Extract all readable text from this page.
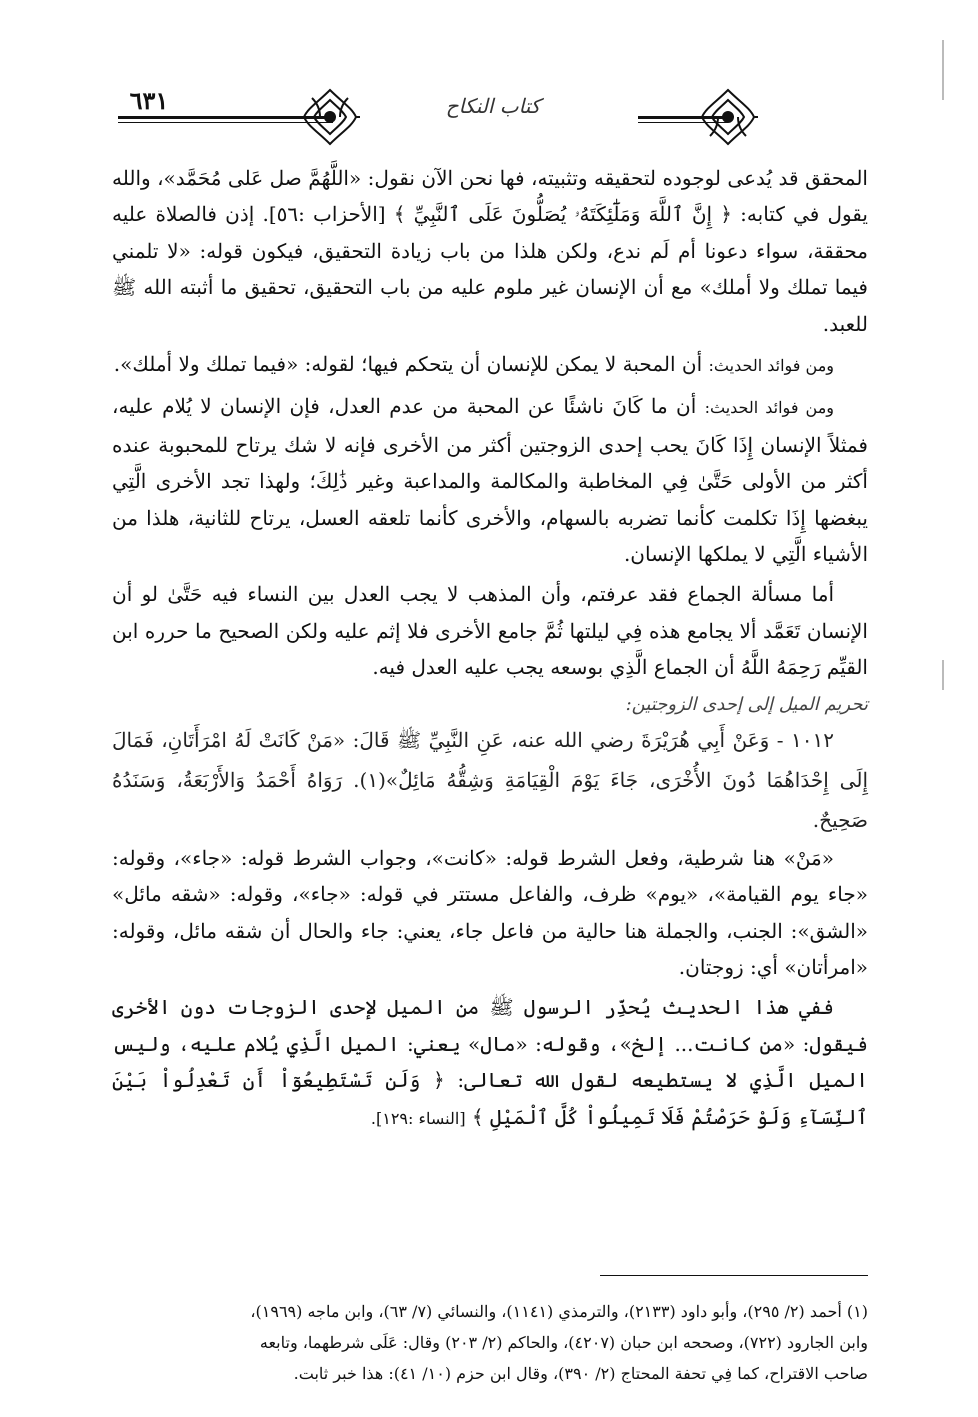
٦٣١	كتاب النكاح

المحقق قد يُدعى لوجوده لتحقيقه وتثبيته، فها نحن الآن نقول: «اللَّهُمَّ صل عَلى مُحَمَّد»، والله يقول في كتابه: ﴿ إِنَّ ٱللَّهَ وَمَلَٰٓئِكَتَهُۥ يُصَلُّونَ عَلَى ٱلنَّبِيِّ ﴾ [الأحزاب :٥٦]. إذن فالصلاة عليه محققة، سواء دعونا أم لَم ندع، ولكن هلذا من باب زيادة التحقيق، فيكون قوله: «لا تلمني فيما تملك ولا أملك» مع أن الإنسان غير ملوم عليه من باب التحقيق، تحقيق ما أثبته الله ﷺ للعبد.

ومن فوائد الحديث: أن المحبة لا يمكن للإنسان أن يتحكم فيها؛ لقوله: «فيما تملك ولا أملك».

ومن فوائد الحديث: أن ما كَانَ ناشئًا عن المحبة من عدم العدل، فإن الإنسان لا يُلام عليه، فمثلاً الإنسان إِذَا كَانَ يحب إحدى الزوجتين أكثر من الأخرى فإنه لا شك يرتاح للمحبوبة عنده أكثر من الأولى حَتَّىٰ فِي المخاطبة والمكالمة والمداعبة وغير ذَٰلِكَ؛ ولهذا تجد الأخرى الَّتِي يبغضها إِذَا تكلمت كأنما تضربه بالسهام، والأخرى كأنما تلعقه العسل، يرتاح للثانية، هلذا من الأشياء الَّتِي لا يملكها الإنسان.

أما مسألة الجماع فقد عرفتم، وأن المذهب لا يجب العدل بين النساء فيه حَتَّىٰ لو أن الإنسان تَعَمَّد ألا يجامع هذه فِي ليلتها ثُمَّ جامع الأخرى فلا إثم عليه ولكن الصحيح ما حرره ابن القيِّم رَحِمَهُ اللَّهُ أن الجماع الَّذِي بوسعه يجب عليه العدل فيه.

تحريم الميل إلى إحدى الزوجتين:

١٠١٢ - وَعَنْ أَبِي هُرَيْرَةَ رضي الله عنه، عَنِ النَّبِيِّ ﷺ قَالَ: «مَنْ كَانَتْ لَهُ امْرَأَتَانِ، فَمَالَ إِلَى إِحْدَاهُمَا دُونَ الأُخْرَى، جَاءَ يَوْمَ الْقِيَامَةِ وَشِقُّهُ مَائِلٌ»(١). رَوَاهُ أَحْمَدُ وَالأَرْبَعَةُ، وَسَنَدُهُ صَحِيحٌ.

«مَنْ» هنا شرطية، وفعل الشرط قوله: «كانت»، وجواب الشرط قوله: «جاء»، وقوله: «جاء يوم القيامة»، «يوم» ظرف، والفاعل مستتر في قوله: «جاء»، وقوله: «شقه مائل» «الشق»: الجنب، والجملة هنا حالية من فاعل جاء، يعني: جاء والحال أن شقه مائل، وقوله: «امرأتان» أي: زوجتان.

ففي هذا الحديث يُحذِّر الرسول ﷺ من الميل لإحدى الزوجات دون الأخرى فيقول: «من كانت... إلخ»، وقوله: «مال» يعني: الميل الَّذِي يُلام عليه، وليس الميل الَّذِي لا يستطيعه لقول الله تعالى: ﴿ وَلَن تَسْتَطِيعُوٓاْ أَن تَعْدِلُواْ بَيْنَ ٱلنِّسَآءِ وَلَوْ حَرَصْتُمْ فَلَا تَمِيلُواْ كُلَّ ٱلْمَيْلِ ﴾ [النساء :١٢٩].

(١) أحمد (٢/ ٢٩٥)، وأبو داود (٢١٣٣)، والترمذي (١١٤١)، والنسائي (٧/ ٦٣)، وابن ماجه (١٩٦٩)،

وابن الجارود (٧٢٢)، وصححه ابن حبان (٤٢٠٧)، والحاكم (٢/ ٢٠٣) وقال: عَلَى شرطهما، وتابعه

صاحب الاقتراح، كما فِي تحفة المحتاج (٢/ ٣٩٠)، وقال ابن حزم (١٠/ ٤١): هذا خبر ثابت.
